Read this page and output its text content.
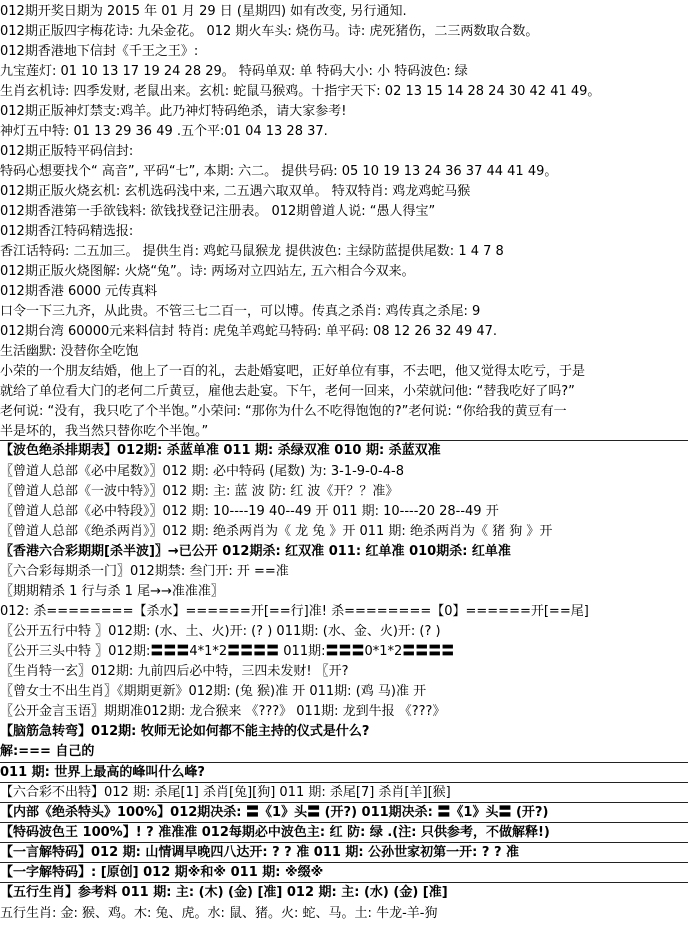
012期开奖日期为 2015 年 01 月 29 日 (星期四) 如有改变, 另行通知.
012期正版四字梅花诗: 九朵金花。 012 期火车头: 烧伤马。诗: 虎死猪伤，二三两数取合数。
012期香港地下信封《千王之王》:
九宝莲灯: 01 10 13 17 19 24 28 29。 特码单双: 单 特码大小: 小 特码波色: 绿
生肖玄机诗: 四季发财, 老鼠出来。玄机: 蛇鼠马猴鸡。十指宇天下: 02 13 15 14 28 24 30 42 41 49。
012期正版神灯禁支:鸡羊。此乃神灯特码绝杀，请大家参考!
神灯五中特: 01 13 29 36 49 .五个平:01 04 13 28 37.
012期正版特平码信封:
特码心想要找个“ 高音”, 平码“七”, 本期: 六二。 提供号码: 05 10 19 13 24 36 37 44 41 49。
012期正版火烧玄机: 玄机选码浅中来, 二五遇六取双单。 特双特肖: 鸡龙鸡蛇马猴
012期香港第一手欲钱料: 欲钱找登记注册表。 012期曾道人说: “愚人得宝”
012期香江特码精选报:
香江话特码: 二五加三。 提供生肖: 鸡蛇马鼠猴龙 提供波色: 主绿防蓝提供尾数: 1 4 7 8
012期正版火烧图解: 火烧“兔”。诗: 两场对立四站左, 五六相合今双来。
012期香港 6000 元传真料
口令一下三九齐，从此贵。不管三七二百一，可以博。传真之杀肖: 鸡传真之杀尾: 9
012期台湾 60000元来料信封 特肖: 虎兔羊鸡蛇马特码: 单平码: 08 12 26 32 49 47.
生活幽默: 没替你全吃饱
小荣的一个朋友结婚，他上了一百的礼，去赴婚宴吧，正好单位有事，不去吧，他又觉得太吃亏，于是
就给了单位看大门的老何二斤黄豆，雇他去赴宴。下午，老何一回来，小荣就问他: “替我吃好了吗?”
老何说: “没有，我只吃了个半饱。”小荣问: “那你为什么不吃得饱饱的?”老何说: “你给我的黄豆有一
半是坏的，我当然只替你吃个半饱。”
【波色绝杀排期表】012期: 杀蓝单准 011 期: 杀绿双准 010 期: 杀蓝双准
〖曾道人总部《必中尾数》〗012 期: 必中特码 (尾数) 为: 3-1-9-0-4-8
〖曾道人总部《一波中特》〗012 期: 主: 蓝 波 防: 红 波《开？？准》
〖曾道人总部《必中特段》〗012 期: 10----19 40--49 开 011 期: 10----20 28--49 开
〖曾道人总部《绝杀两肖》〗012 期: 绝杀两肖为《 龙 兔 》开 011 期: 绝杀两肖为《 猪 狗 》开
〖香港六合彩期期[杀半波]〗→已公开 012期杀: 红双准 011: 红单准 010期杀: 红单准
〖六合彩每期杀一门〗012期禁: 叁门开: 开 ==准
〖期期精杀 1 行与杀 1 尾→→准准准〗
012: 杀========【杀水】======开[==行]准! 杀========【0】======开[==尾]
〖公开五行中特 〗012期: (水、土、火)开: (? ) 011期: (水、金、火)开: (? )
〖公开三头中特 〗012期:〓〓〓4*1*2〓〓〓〓 011期:〓〓〓0*1*2〓〓〓〓
〖生肖特一玄〗012期: 九前四后必中特，三四未发财! 〖开?
〖曾女士不出生肖〗《期期更新》012期: (兔 猴)准 开 011期: (鸡 马)准 开
〖公开金言玉语〗期期准012期: 龙合猴来 《???》 011期: 龙到牛报 《???》
【脑筋急转弯】012期: 牧师无论如何都不能主持的仪式是什么?
解:=== 自己的
011 期: 世界上最高的峰叫什么峰?
【六合彩不出特】012 期: 杀尾[1] 杀肖[兔][狗] 011 期: 杀尾[7] 杀肖[羊][猴]
【内部《绝杀特头》100%】012期决杀: 〓《1》头〓 (开?) 011期决杀: 〓《1》头〓 (开?)
【特码波色王 100%】! ? 准准准 012每期必中波色主: 红 防: 绿 .(注: 只供参考，不做解释!)
【一言解特码】012 期: 山情调早晚四八达开: ? ? 准 011 期: 公孙世家初第一开: ? ? 准
【一字解特码】: [原创] 012 期※和※ 011 期: ※缀※
【五行生肖】参考料 011 期: 主: (木) (金) [准] 012 期: 主: (水) (金) [准]
五行生肖: 金: 猴、鸡。木: 兔、虎。水: 鼠、猪。火: 蛇、马。土: 牛龙-羊-狗
